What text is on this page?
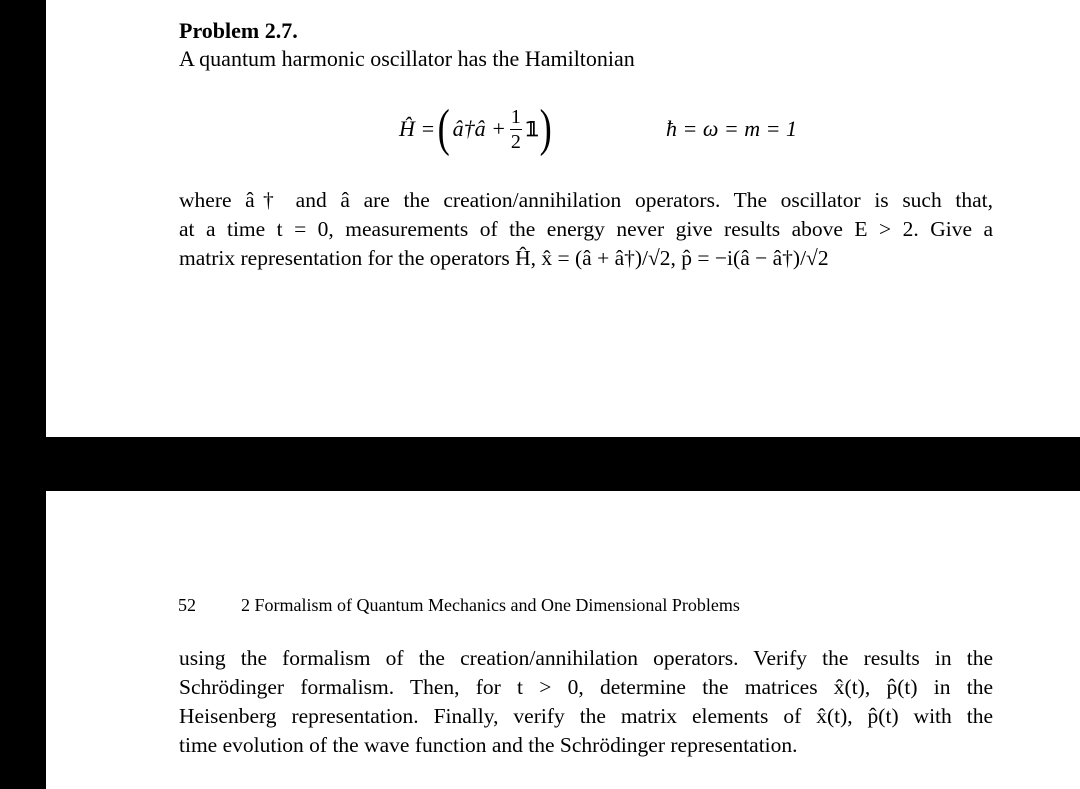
Problem 2.7.
A quantum harmonic oscillator has the Hamiltonian
Ĥ = ( â†â + $\frac{1}{2}$ 𝟙 )	ħ = ω = m = 1
where â† and â are the creation/annihilation operators. The oscillator is such that,
at a time t = 0, measurements of the energy never give results above E > 2. Give a
matrix representation for the operators Ĥ, x̂ = (â + â†)/√2, p̂ = −i(â − â†)/√2
52	2 Formalism of Quantum Mechanics and One Dimensional Problems
using the formalism of the creation/annihilation operators. Verify the results in the
Schrödinger formalism. Then, for t > 0, determine the matrices x̂(t), p̂(t) in the
Heisenberg representation. Finally, verify the matrix elements of x̂(t), p̂(t) with the
time evolution of the wave function and the Schrödinger representation.
